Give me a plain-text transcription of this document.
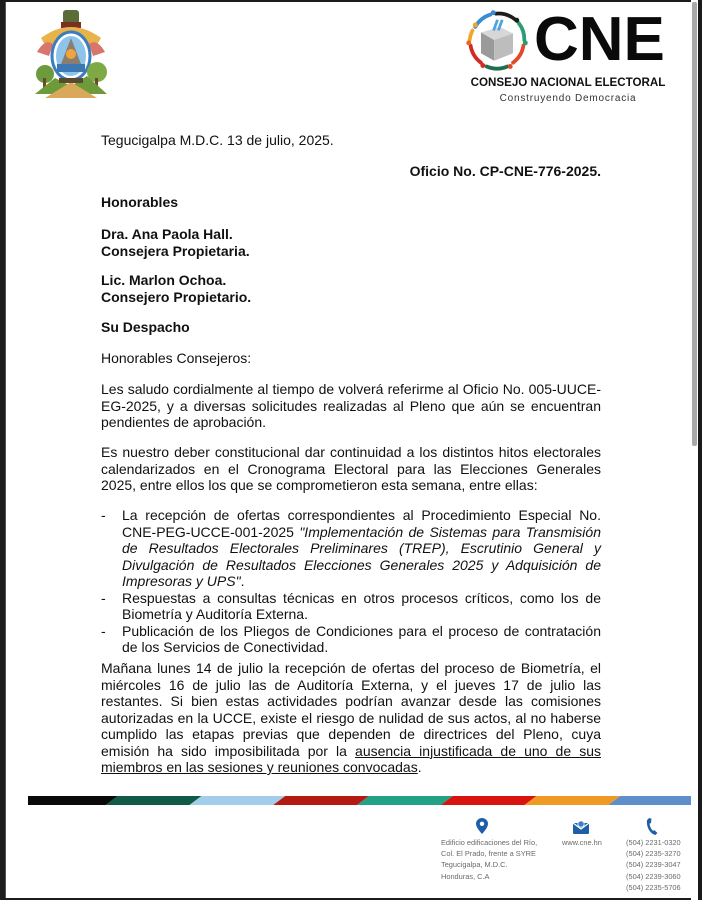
CNE
CONSEJO NACIONAL ELECTORAL
Construyendo Democracia
Tegucigalpa M.D.C. 13 de julio, 2025.
Oficio No. CP-CNE-776-2025.
Honorables
Dra. Ana Paola Hall.
Consejera Propietaria.
Lic. Marlon Ochoa.
Consejero Propietario.
Su Despacho
Honorables Consejeros:
Les saludo cordialmente al tiempo de volverá referirme al Oficio No. 005-UUCE-EG-2025, y a diversas solicitudes realizadas al Pleno que aún se encuentran pendientes de aprobación.
Es nuestro deber constitucional dar continuidad a los distintos hitos electorales calendarizados en el Cronograma Electoral para las Elecciones Generales 2025, entre ellos los que se comprometieron esta semana, entre ellas:
- La recepción de ofertas correspondientes al Procedimiento Especial No. CNE-PEG-UCCE-001-2025 "Implementación de Sistemas para Transmisión de Resultados Electorales Preliminares (TREP), Escrutinio General y Divulgación de Resultados Elecciones Generales 2025 y Adquisición de Impresoras y UPS".
- Respuestas a consultas técnicas en otros procesos críticos, como los de Biometría y Auditoría Externa.
- Publicación de los Pliegos de Condiciones para el proceso de contratación de los Servicios de Conectividad.
Mañana lunes 14 de julio la recepción de ofertas del proceso de Biometría, el miércoles 16 de julio las de Auditoría Externa, y el jueves 17 de julio las restantes. Si bien estas actividades podrían avanzar desde las comisiones autorizadas en la UCCE, existe el riesgo de nulidad de sus actos, al no haberse cumplido las etapas previas que dependen de directrices del Pleno, cuya emisión ha sido imposibilitada por la ausencia injustificada de uno de sus miembros en las sesiones y reuniones convocadas.
Edificio edificaciones del Río,
Col. El Prado, frente a SYRE
Tegucigalpa, M.D.C.
Honduras, C.A
www.cne.hn	(504) 2231-0320
(504) 2235-3270
(504) 2239-3047
(504) 2239-3060
(504) 2235-5706
